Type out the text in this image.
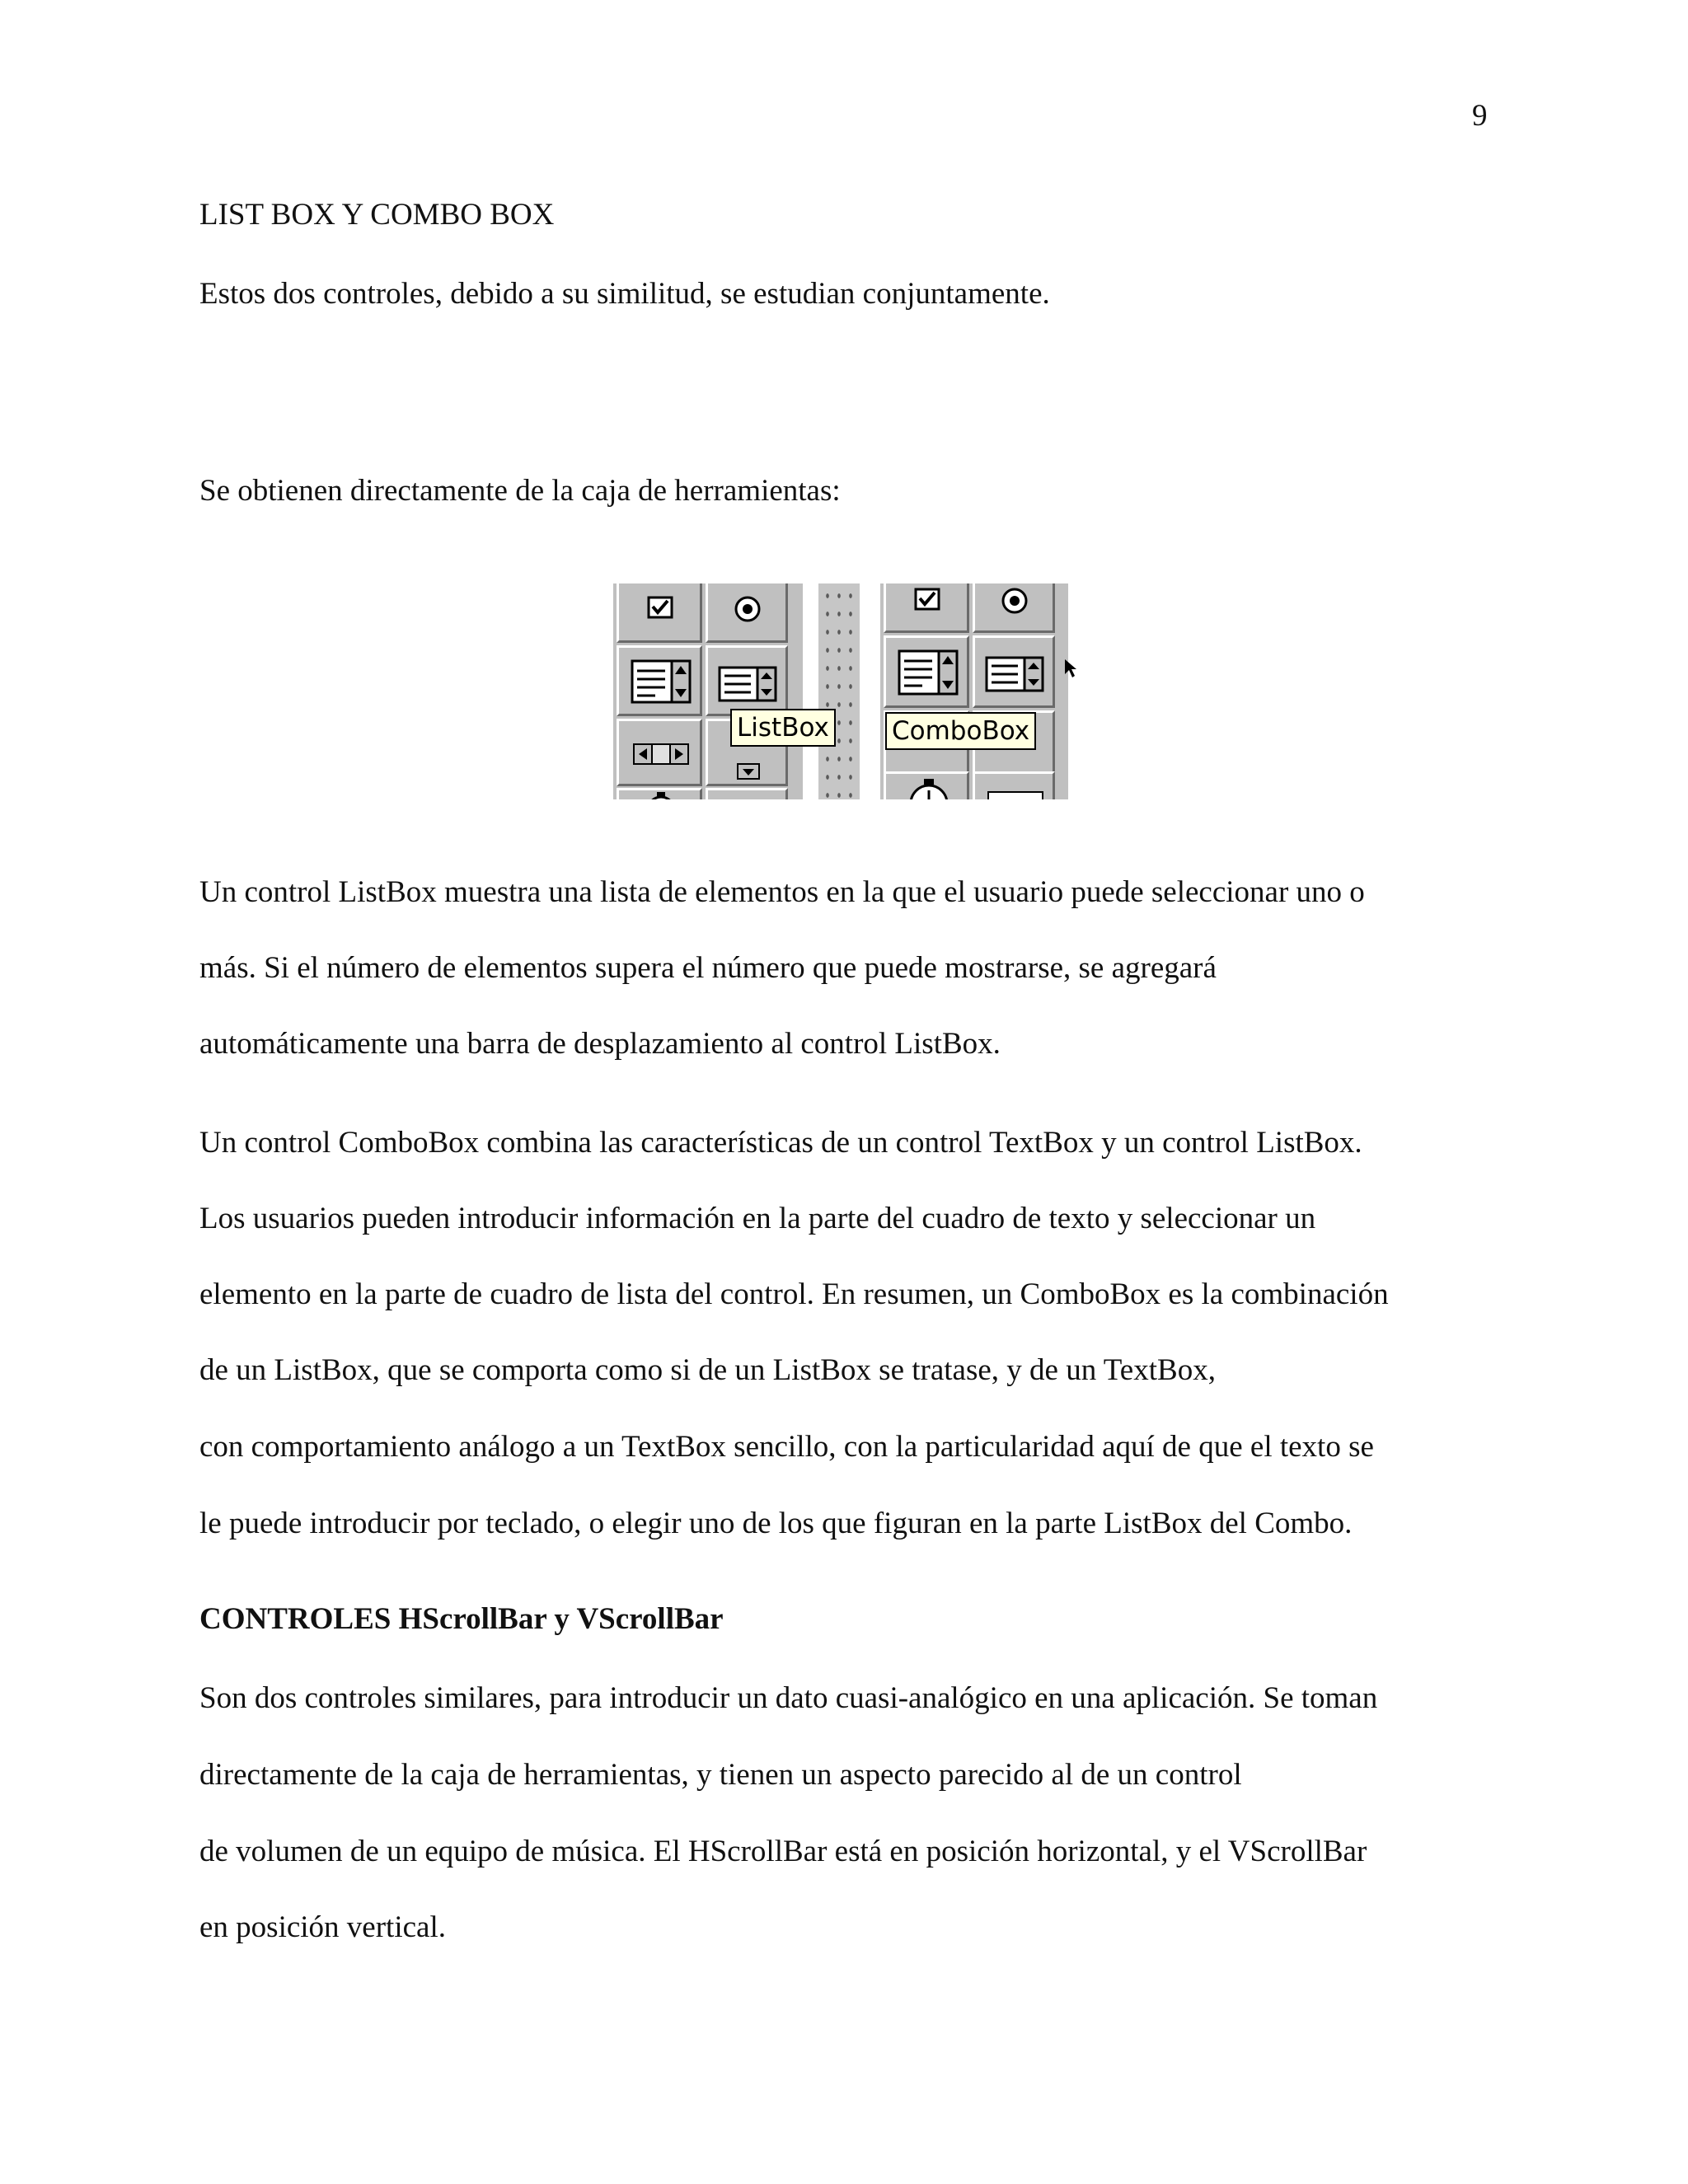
9
LIST BOX Y COMBO BOX
Estos dos controles, debido a su similitud, se estudian conjuntamente.
Se obtienen directamente de la caja de herramientas:
ListBox ComboBox
Un control ListBox muestra una lista de elementos en la que el usuario puede seleccionar uno o
más. Si el número de elementos supera el número que puede mostrarse, se agregará
automáticamente una barra de desplazamiento al control ListBox.
Un control ComboBox combina las características de un control TextBox y un control ListBox.
Los usuarios pueden introducir información en la parte del cuadro de texto y seleccionar un
elemento en la parte de cuadro de lista del control. En resumen, un ComboBox es la combinación
de un ListBox, que se comporta como si de un ListBox se tratase, y de un TextBox,
con comportamiento análogo a un TextBox sencillo, con la particularidad aquí de que el texto se
le puede introducir por teclado, o elegir uno de los que figuran en la parte ListBox del Combo.
CONTROLES HScrollBar y VScrollBar
Son dos controles similares, para introducir un dato cuasi-analógico en una aplicación. Se toman
directamente de la caja de herramientas, y tienen un aspecto parecido al de un control
de volumen de un equipo de música. El HScrollBar está en posición horizontal, y el VScrollBar
en posición vertical.
